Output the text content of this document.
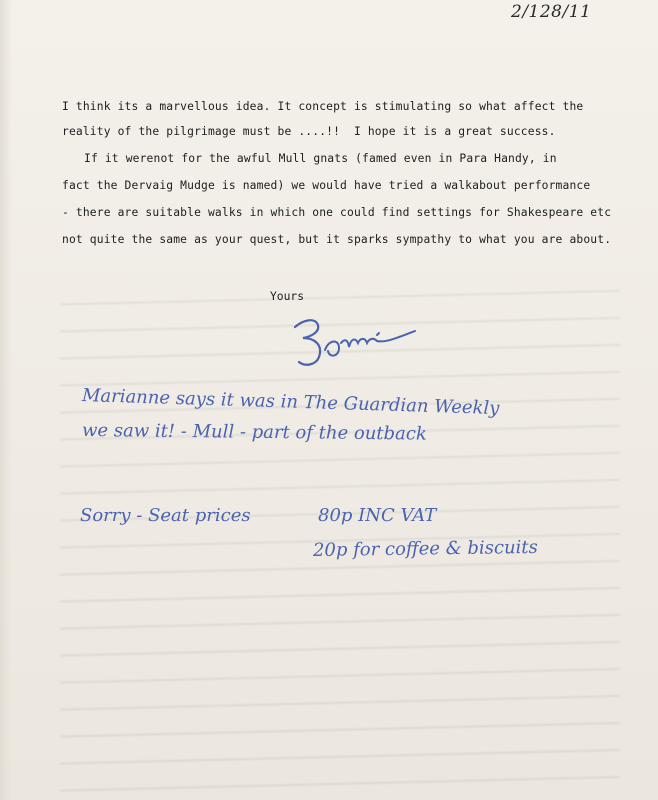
2/128/11
I think its a marvellous idea. It concept is stimulating so what affect the
reality of the pilgrimage must be ....!!  I hope it is a great success.
If it werenot for the awful Mull gnats (famed even in Para Handy, in
fact the Dervaig Mudge is named) we would have tried a walkabout performance
- there are suitable walks in which one could find settings for Shakespeare etc
not quite the same as your quest, but it sparks sympathy to what you are about.
Yours
Marianne says it was in The Guardian Weekly
we saw it! - Mull - part of the outback
Sorry - Seat prices	80p INC VAT
20p for coffee & biscuits
